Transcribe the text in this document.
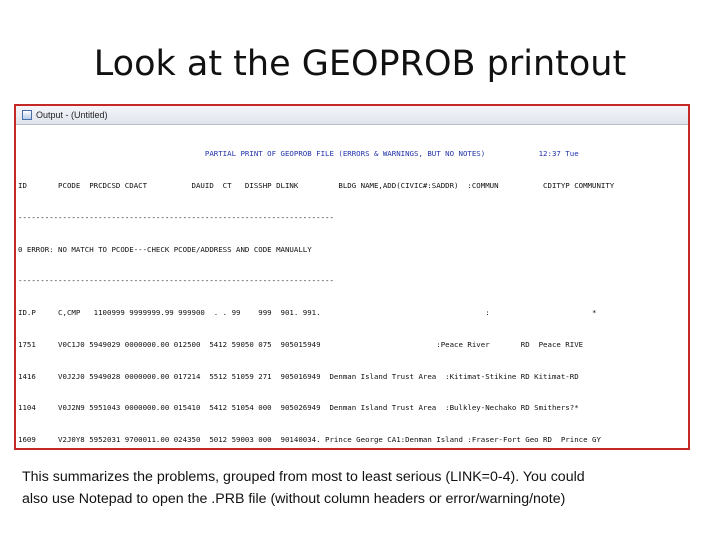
Look at the GEOPROB printout
Output - (Untitled)

PARTIAL PRINT OF GEOPROB FILE (ERRORS & WARNINGS, BUT NO NOTES)            12:37 Tue

ID       PCODE  PRCDCSD CDACT          DAUID  CT   DISSHP DLINK         BLDG NAME,ADD(CIVIC#:SADDR)  :COMMUN          CDITYP COMMUNITY

-----------------------------------------------------------------------

0 ERROR: NO MATCH TO PCODE---CHECK PCODE/ADDRESS AND CODE MANUALLY

-----------------------------------------------------------------------

ID.P     C,CMP   1100999 9999999.99 999900  . . 99    999  901. 991.                                     :                       *

1751     V0C1J0 5949029 0000000.00 012500  5412 59050 075  905015949                          :Peace River       RD  Peace RIVE

1416     V0J2J0 5949028 0000000.00 017214  5512 51059 271  905016949  Denman Island Trust Area  :Kitimat-Stikine RD Kitimat-RD

1104     V0J2N9 5951043 0000000.00 015410  5412 51054 000  905026949  Denman Island Trust Area  :Bulkley-Nechako RD Smithers?*

1609     V2J0Y8 5952031 9700011.00 024350  5012 59003 000  90140034. Prince George CA1:Denman Island :Fraser-Fort Geo RD  Prince GY

This summarizes the problems, grouped from most to least serious (LINK=0-4). You could
also use Notepad to open the .PRB file (without column headers or error/warning/note)
